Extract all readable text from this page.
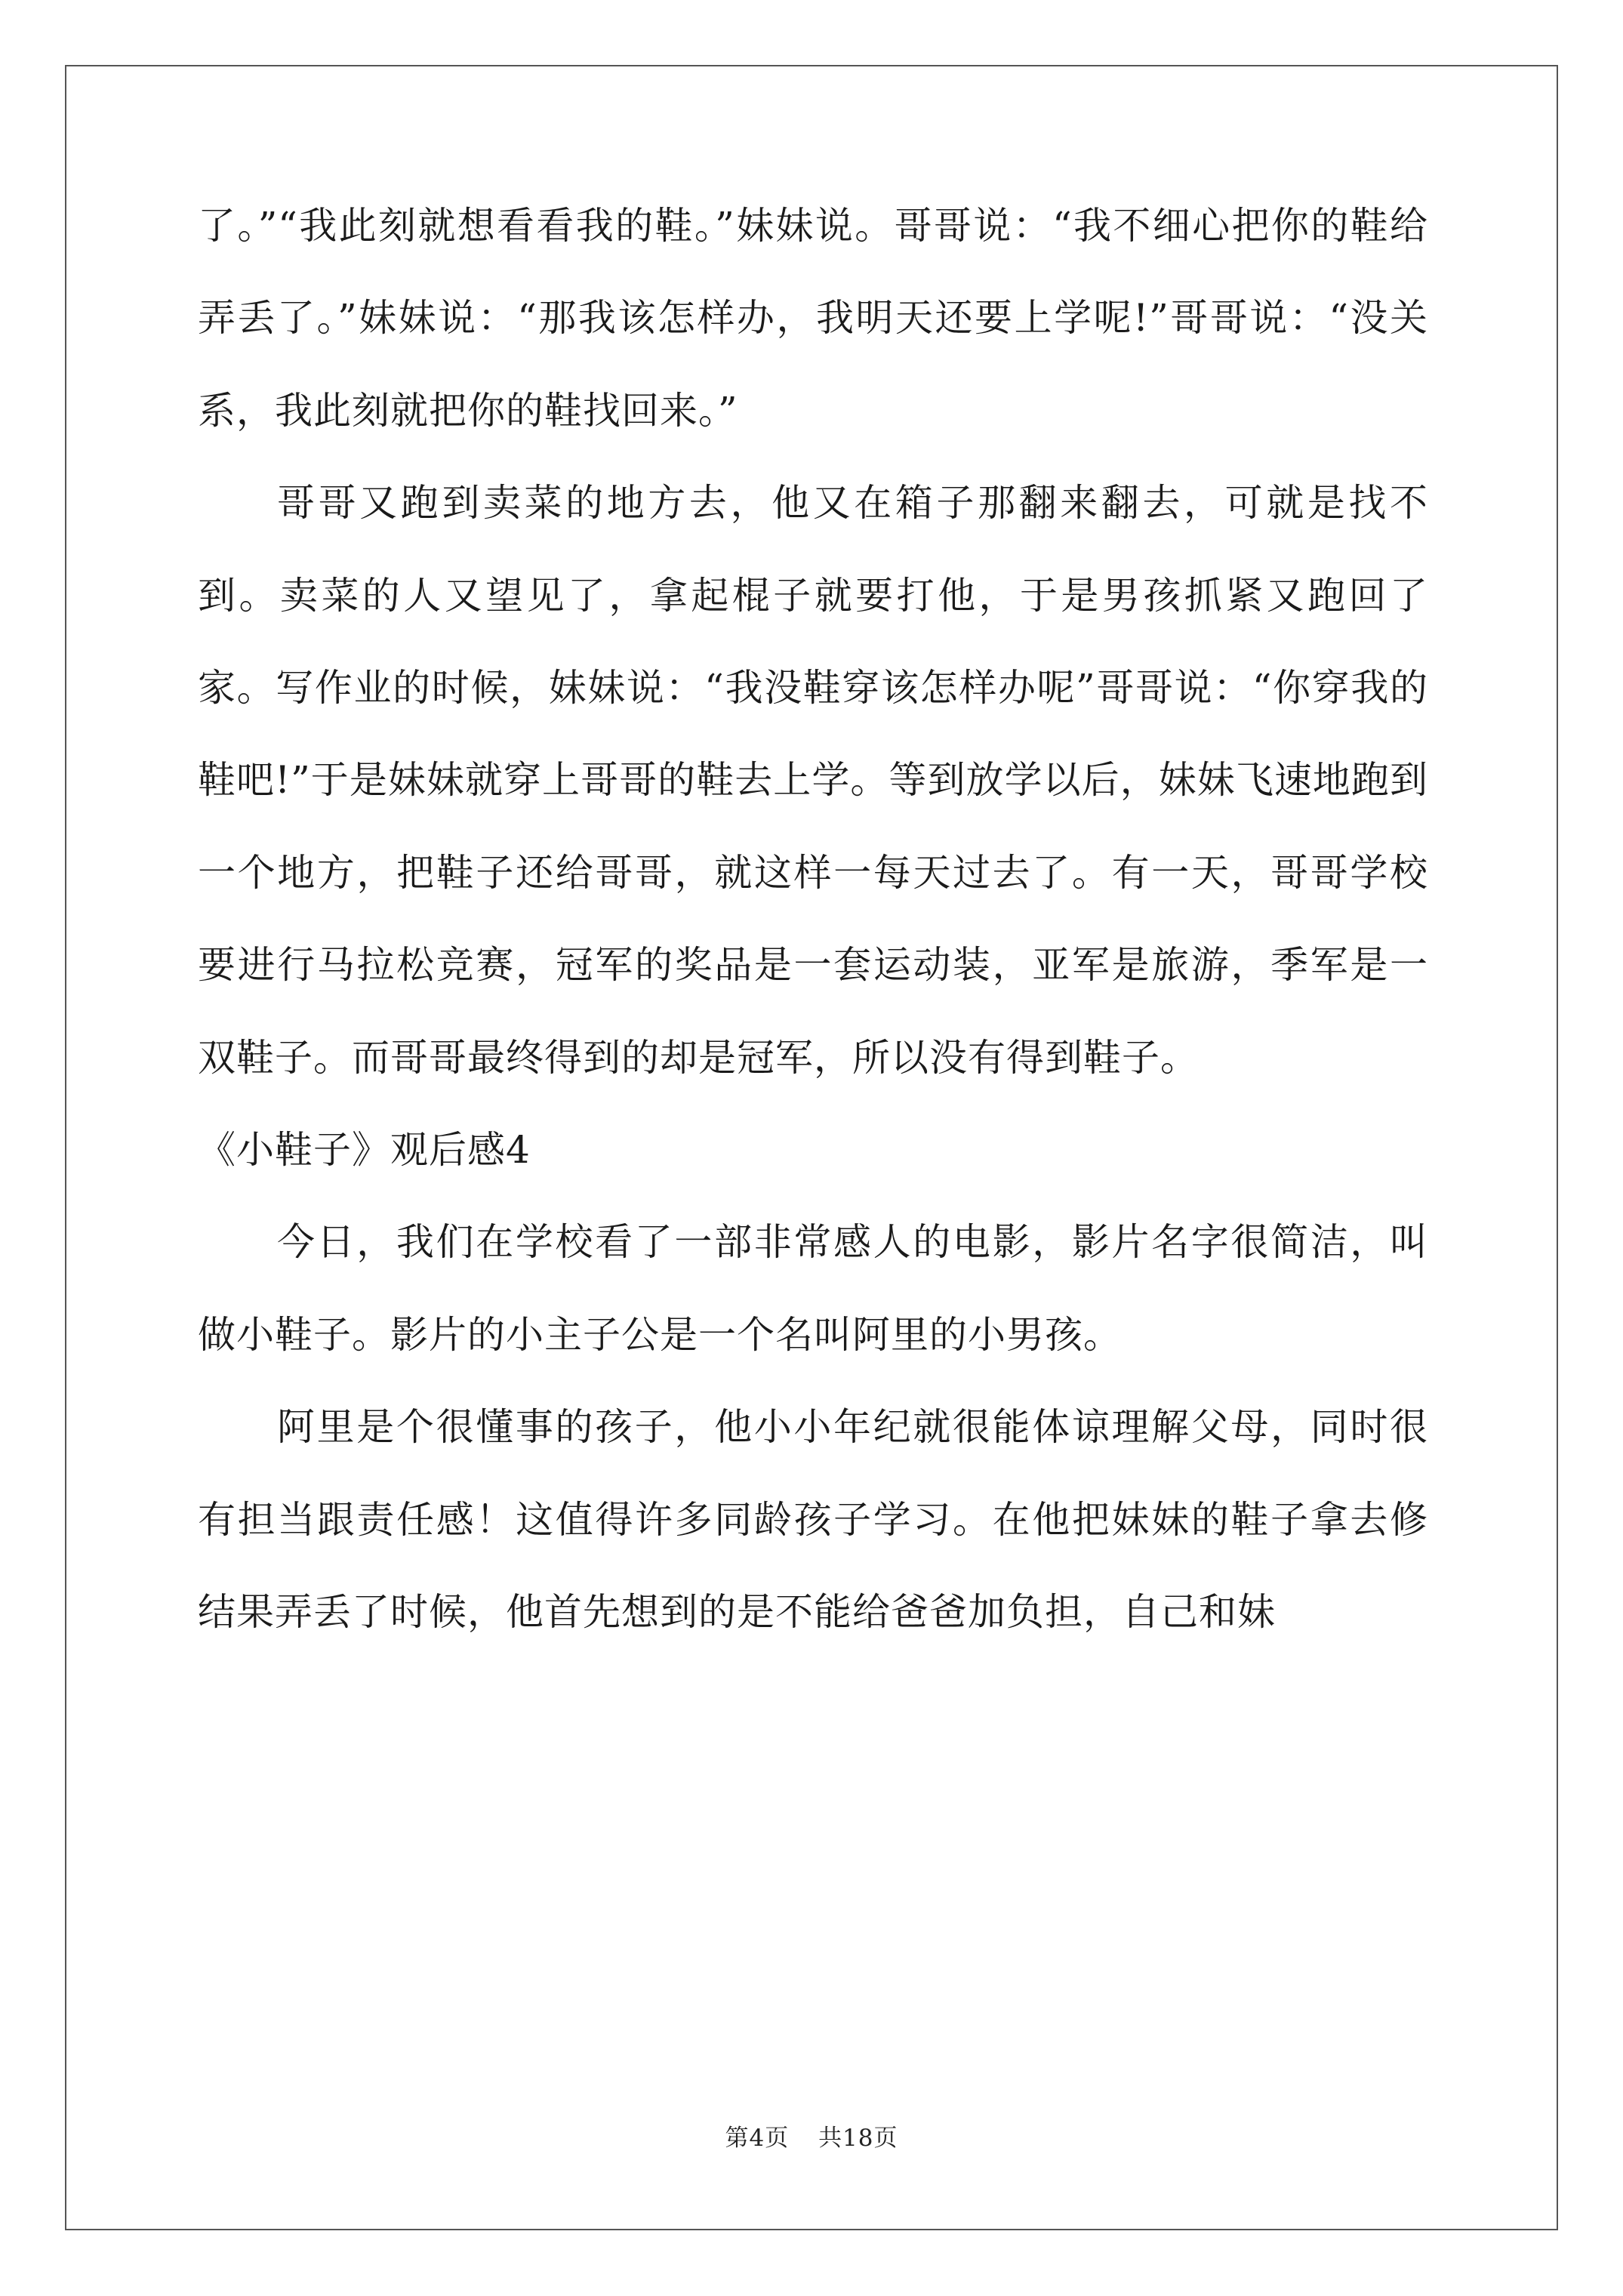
了。”“我此刻就想看看我的鞋。”妹妹说。哥哥说：“我不细心把你的鞋给弄丢了。”妹妹说：“那我该怎样办，我明天还要上学呢!”哥哥说：“没关系，我此刻就把你的鞋找回来。”

哥哥又跑到卖菜的地方去，他又在箱子那翻来翻去，可就是找不到。卖菜的人又望见了，拿起棍子就要打他，于是男孩抓紧又跑回了家。写作业的时候，妹妹说：“我没鞋穿该怎样办呢”哥哥说：“你穿我的鞋吧!”于是妹妹就穿上哥哥的鞋去上学。等到放学以后，妹妹飞速地跑到一个地方，把鞋子还给哥哥，就这样一每天过去了。有一天，哥哥学校要进行马拉松竞赛，冠军的奖品是一套运动装，亚军是旅游，季军是一双鞋子。而哥哥最终得到的却是冠军，所以没有得到鞋子。

《小鞋子》观后感4

今日，我们在学校看了一部非常感人的电影，影片名字很简洁，叫做小鞋子。影片的小主子公是一个名叫阿里的小男孩。

阿里是个很懂事的孩子，他小小年纪就很能体谅理解父母，同时很有担当跟责任感！这值得许多同龄孩子学习。在他把妹妹的鞋子拿去修结果弄丢了时候，他首先想到的是不能给爸爸加负担，自己和妹

第4页 共18页
